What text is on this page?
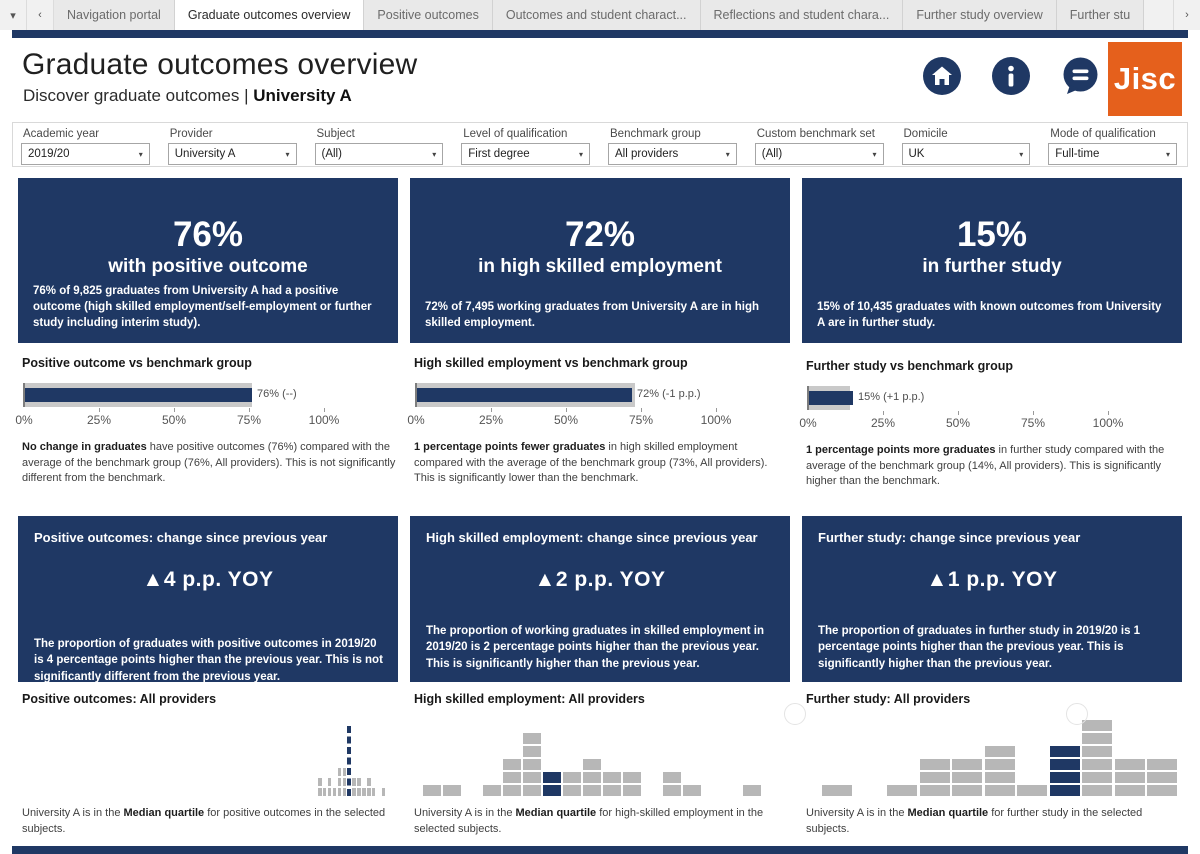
▾	‹	Navigation portal	Graduate outcomes overview	Positive outcomes	Outcomes and student charact...	Reflections and student chara...	Further study overview	Further stu	›
Graduate outcomes overview
Discover graduate outcomes | University A	Jisc
Academic year
2019/20	▾
Provider
University A	▾
Subject
(All)	▾
Level of qualification
First degree	▾
Benchmark group
All providers	▾
Custom benchmark set
(All)	▾
Domicile
UK	▾
Mode of qualification
Full-time	▾
76%
with positive outcome
76% of 9,825 graduates from University A had a positive outcome (high skilled employment/self-employment or further study including interim study).
72%
in high skilled employment
72% of 7,495 working graduates from University A are in high skilled employment.
15%
in further study
15% of 10,435 graduates with known outcomes from University A are in further study.
Positive outcome vs benchmark group
76% (--)
0%	25%	50%	75%	100%
No change in graduates have positive outcomes (76%) compared with the average of the benchmark group (76%, All providers). This is not significantly different from the benchmark.
High skilled employment vs benchmark group
72% (-1 p.p.)
0%	25%	50%	75%	100%
1 percentage points fewer graduates in high skilled employment compared with the average of the benchmark group (73%, All providers). This is significantly lower than the benchmark.
Further study vs benchmark group
15% (+1 p.p.)
0%	25%	50%	75%	100%
1 percentage points more graduates in further study compared with the average of the benchmark group (14%, All providers). This is significantly higher than the benchmark.
Positive outcomes: change since previous year
▲4 p.p. YOY
The proportion of graduates with positive outcomes in 2019/20 is 4 percentage points higher than the previous year. This is not significantly different from the previous year.
High skilled employment: change since previous year
▲2 p.p. YOY
The proportion of working graduates in skilled employment in 2019/20 is 2 percentage points higher than the previous year. This is significantly higher than the previous year.
Further study: change since previous year
▲1 p.p. YOY
The proportion of graduates in further study in 2019/20 is 1 percentage points higher than the previous year. This is significantly higher than the previous year.
Positive outcomes: All providers
University A is in the Median quartile for positive outcomes in the selected subjects.
High skilled employment: All providers
University A is in the Median quartile for high-skilled employment in the selected subjects.
Further study: All providers
University A is in the Median quartile for further study in the selected subjects.
